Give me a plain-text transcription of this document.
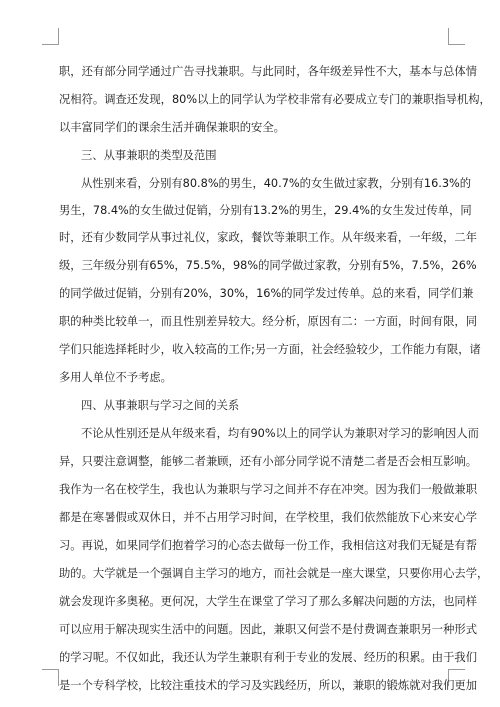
职，还有部分同学通过广告寻找兼职。与此同时，各年级差异性不大，基本与总体情
况相符。调查还发现，80%以上的同学认为学校非常有必要成立专门的兼职指导机构，
以丰富同学们的课余生活并确保兼职的安全。
三、从事兼职的类型及范围
从性别来看，分别有80.8%的男生，40.7%的女生做过家教，分别有16.3%的
男生，78.4%的女生做过促销，分别有13.2%的男生，29.4%的女生发过传单，同
时，还有少数同学从事过礼仪，家政，餐饮等兼职工作。从年级来看，一年级，二年
级，三年级分别有65%，75.5%，98%的同学做过家教，分别有5%，7.5%，26%
的同学做过促销，分别有20%，30%，16%的同学发过传单。总的来看，同学们兼
职的种类比较单一，而且性别差异较大。经分析，原因有二：一方面，时间有限，同
学们只能选择耗时少，收入较高的工作;另一方面，社会经验较少，工作能力有限，诸
多用人单位不予考虑。
四、从事兼职与学习之间的关系
不论从性别还是从年级来看，均有90%以上的同学认为兼职对学习的影响因人而
异，只要注意调整，能够二者兼顾，还有小部分同学说不清楚二者是否会相互影响。
我作为一名在校学生，我也认为兼职与学习之间并不存在冲突。因为我们一般做兼职
都是在寒暑假或双休日，并不占用学习时间，在学校里，我们依然能放下心来安心学
习。再说，如果同学们抱着学习的心态去做每一份工作，我相信这对我们无疑是有帮
助的。大学就是一个强调自主学习的地方，而社会就是一座大课堂，只要你用心去学，
就会发现许多奥秘。更何况，大学生在课堂了学习了那么多解决问题的方法，也同样
可以应用于解决现实生活中的问题。因此，兼职又何尝不是付费调查兼职另一种形式
的学习呢。不仅如此，我还认为学生兼职有利于专业的发展、经历的积累。由于我们
是一个专科学校，比较注重技术的学习及实践经历，所以，兼职的锻炼就对我们更加
